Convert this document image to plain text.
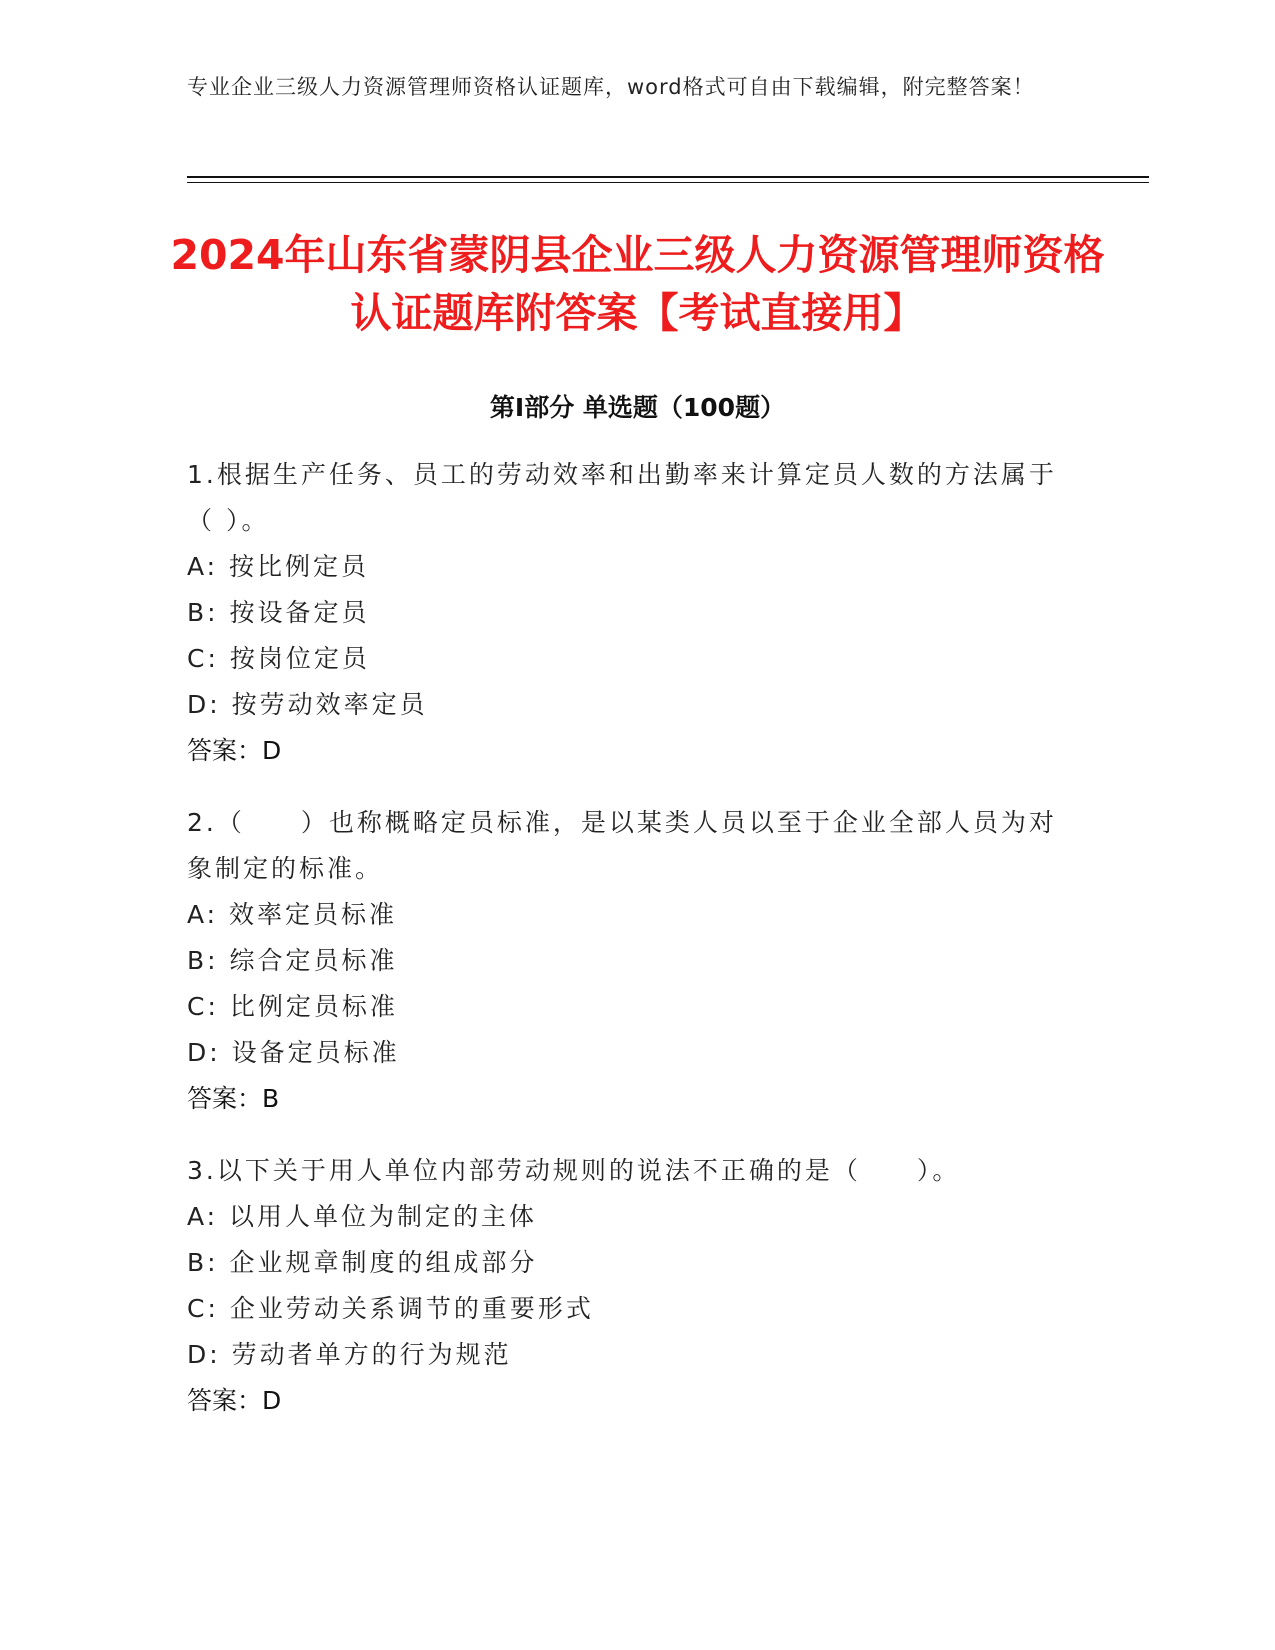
专业企业三级人力资源管理师资格认证题库，word格式可自由下载编辑，附完整答案！
2024年山东省蒙阴县企业三级人力资源管理师资格认证题库附答案【考试直接用】
第I部分 单选题（100题）

1.根据生产任务、员工的劳动效率和出勤率来计算定员人数的方法属于（ ）。

A: 按比例定员

B: 按设备定员

C: 按岗位定员

D: 按劳动效率定员

答案：D

2.（　　）也称概略定员标准，是以某类人员以至于企业全部人员为对象制定的标准。

A: 效率定员标准

B: 综合定员标准

C: 比例定员标准

D: 设备定员标准

答案：B

3.以下关于用人单位内部劳动规则的说法不正确的是（　　）。

A: 以用人单位为制定的主体

B: 企业规章制度的组成部分

C: 企业劳动关系调节的重要形式

D: 劳动者单方的行为规范

答案：D
